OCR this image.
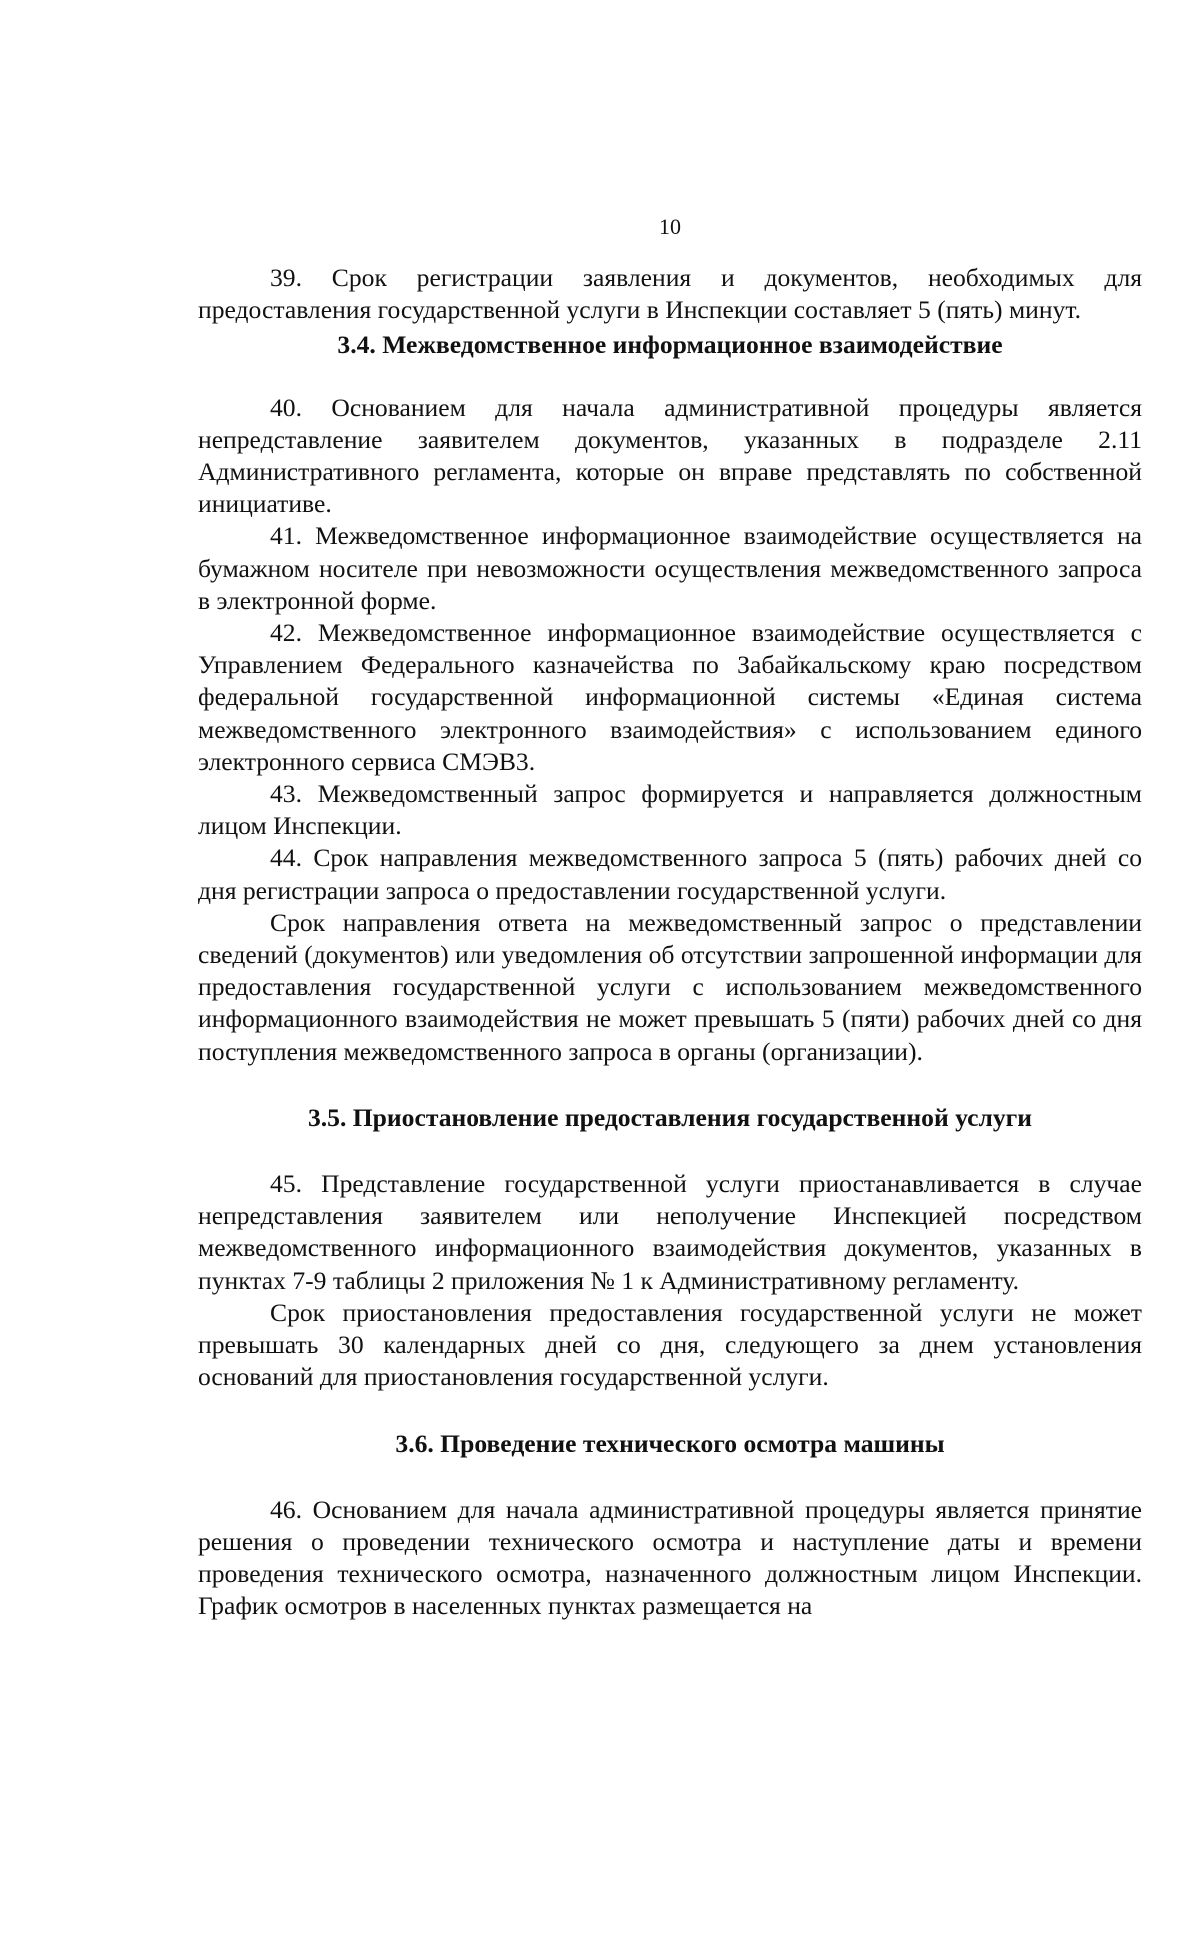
10

39. Срок регистрации заявления и документов, необходимых для предоставления государственной услуги в Инспекции составляет 5 (пять) минут.

3.4. Межведомственное информационное взаимодействие

40. Основанием для начала административной процедуры является непредставление заявителем документов, указанных в подразделе 2.11 Административного регламента, которые он вправе представлять по собственной инициативе.

41. Межведомственное информационное взаимодействие осуществляется на бумажном носителе при невозможности осуществления межведомственного запроса в электронной форме.

42. Межведомственное информационное взаимодействие осуществляется с Управлением Федерального казначейства по Забайкальскому краю посредством федеральной государственной информационной системы «Единая система межведомственного электронного взаимодействия» с использованием единого электронного сервиса СМЭВ3.

43. Межведомственный запрос формируется и направляется должностным лицом Инспекции.

44. Срок направления межведомственного запроса 5 (пять) рабочих дней со дня регистрации запроса о предоставлении государственной услуги.

Срок направления ответа на межведомственный запрос о представлении сведений (документов) или уведомления об отсутствии запрошенной информации для предоставления государственной услуги с использованием межведомственного информационного взаимодействия не может превышать 5 (пяти) рабочих дней со дня поступления межведомственного запроса в органы (организации).

3.5. Приостановление предоставления государственной услуги

45. Представление государственной услуги приостанавливается в случае непредставления заявителем или неполучение Инспекцией посредством межведомственного информационного взаимодействия документов, указанных в пунктах 7-9 таблицы 2 приложения № 1 к Административному регламенту.

Срок приостановления предоставления государственной услуги не может превышать 30 календарных дней со дня, следующего за днем установления оснований для приостановления государственной услуги.

3.6. Проведение технического осмотра машины

46. Основанием для начала административной процедуры является принятие решения о проведении технического осмотра и наступление даты и времени проведения технического осмотра, назначенного должностным лицом Инспекции. График осмотров в населенных пунктах размещается на
